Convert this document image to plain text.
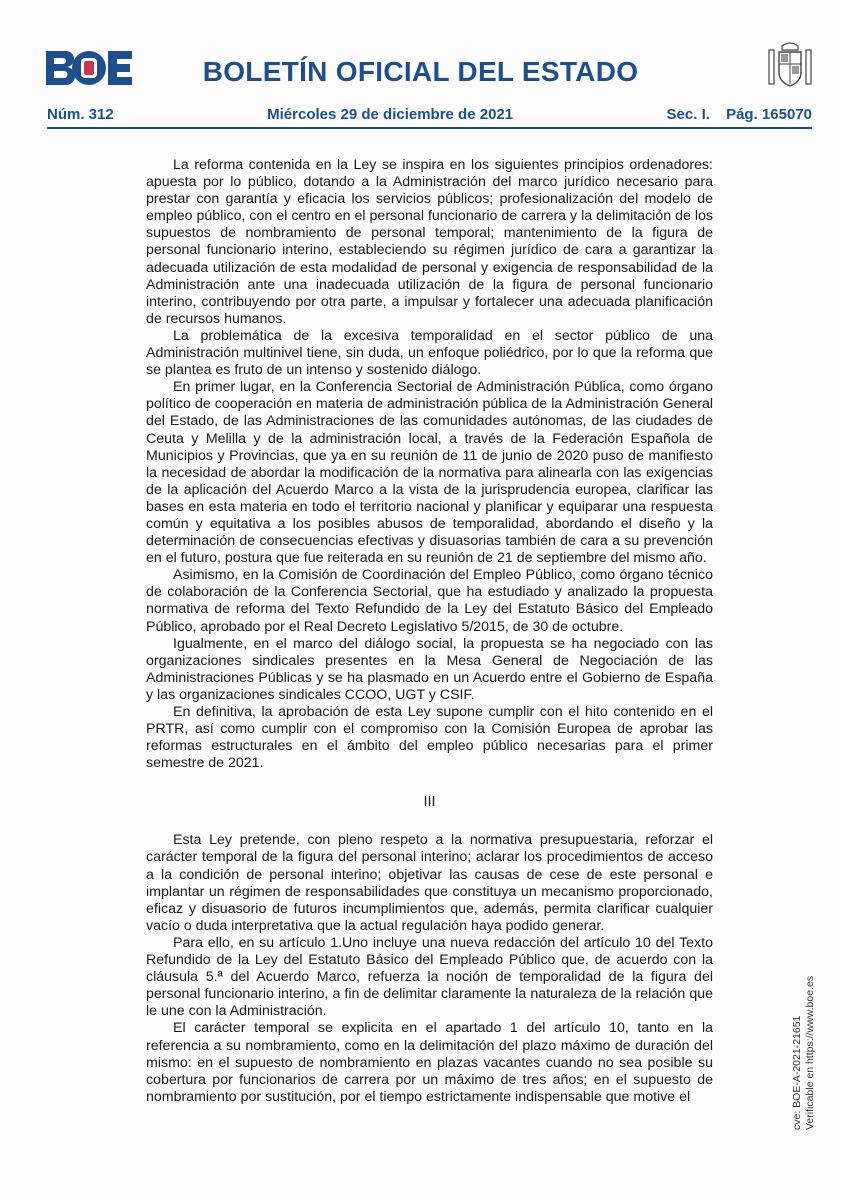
BOLETÍN OFICIAL DEL ESTADO
Núm. 312	Miércoles 29 de diciembre de 2021	Sec. I. Pág. 165070

La reforma contenida en la Ley se inspira en los siguientes principios ordenadores: apuesta por lo público, dotando a la Administración del marco jurídico necesario para prestar con garantía y eficacia los servicios públicos; profesionalización del modelo de empleo público, con el centro en el personal funcionario de carrera y la delimitación de los supuestos de nombramiento de personal temporal; mantenimiento de la figura de personal funcionario interino, estableciendo su régimen jurídico de cara a garantizar la adecuada utilización de esta modalidad de personal y exigencia de responsabilidad de la Administración ante una inadecuada utilización de la figura de personal funcionario interino, contribuyendo por otra parte, a impulsar y fortalecer una adecuada planificación de recursos humanos.

La problemática de la excesiva temporalidad en el sector público de una Administración multinivel tiene, sin duda, un enfoque poliédrico, por lo que la reforma que se plantea es fruto de un intenso y sostenido diálogo.

En primer lugar, en la Conferencia Sectorial de Administración Pública, como órgano político de cooperación en materia de administración pública de la Administración General del Estado, de las Administraciones de las comunidades autónomas, de las ciudades de Ceuta y Melilla y de la administración local, a través de la Federación Española de Municipios y Provincias, que ya en su reunión de 11 de junio de 2020 puso de manifiesto la necesidad de abordar la modificación de la normativa para alinearla con las exigencias de la aplicación del Acuerdo Marco a la vista de la jurisprudencia europea, clarificar las bases en esta materia en todo el territorio nacional y planificar y equiparar una respuesta común y equitativa a los posibles abusos de temporalidad, abordando el diseño y la determinación de consecuencias efectivas y disuasorias también de cara a su prevención en el futuro, postura que fue reiterada en su reunión de 21 de septiembre del mismo año.

Asimismo, en la Comisión de Coordinación del Empleo Público, como órgano técnico de colaboración de la Conferencia Sectorial, que ha estudiado y analizado la propuesta normativa de reforma del Texto Refundido de la Ley del Estatuto Básico del Empleado Público, aprobado por el Real Decreto Legislativo 5/2015, de 30 de octubre.

Igualmente, en el marco del diálogo social, la propuesta se ha negociado con las organizaciones sindicales presentes en la Mesa General de Negociación de las Administraciones Públicas y se ha plasmado en un Acuerdo entre el Gobierno de España y las organizaciones sindicales CCOO, UGT y CSIF.

En definitiva, la aprobación de esta Ley supone cumplir con el hito contenido en el PRTR, así como cumplir con el compromiso con la Comisión Europea de aprobar las reformas estructurales en el ámbito del empleo público necesarias para el primer semestre de 2021.

III

Esta Ley pretende, con pleno respeto a la normativa presupuestaria, reforzar el carácter temporal de la figura del personal interino; aclarar los procedimientos de acceso a la condición de personal interino; objetivar las causas de cese de este personal e implantar un régimen de responsabilidades que constituya un mecanismo proporcionado, eficaz y disuasorio de futuros incumplimientos que, además, permita clarificar cualquier vacío o duda interpretativa que la actual regulación haya podido generar.

Para ello, en su artículo 1.Uno incluye una nueva redacción del artículo 10 del Texto Refundido de la Ley del Estatuto Básico del Empleado Público que, de acuerdo con la cláusula 5.ª del Acuerdo Marco, refuerza la noción de temporalidad de la figura del personal funcionario interino, a fin de delimitar claramente la naturaleza de la relación que le une con la Administración.

El carácter temporal se explicita en el apartado 1 del artículo 10, tanto en la referencia a su nombramiento, como en la delimitación del plazo máximo de duración del mismo: en el supuesto de nombramiento en plazas vacantes cuando no sea posible su cobertura por funcionarios de carrera por un máximo de tres años; en el supuesto de nombramiento por sustitución, por el tiempo estrictamente indispensable que motive el	cve: BOE-A-2021-21651 Verificable en https://www.boe.es
